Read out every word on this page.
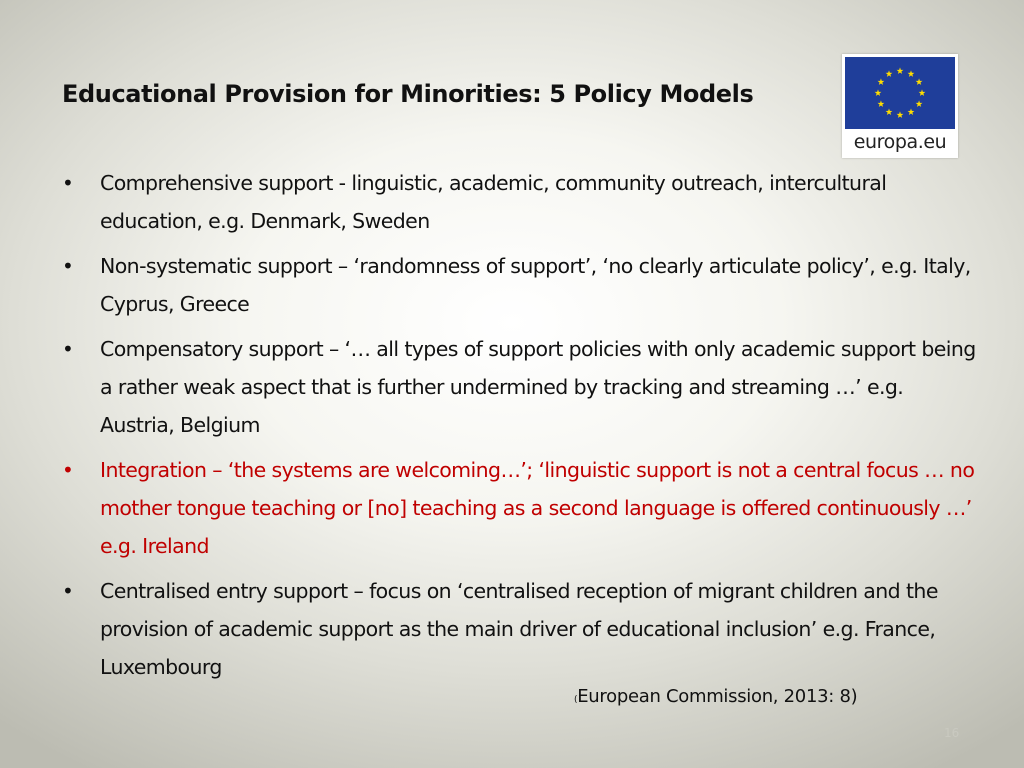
Educational Provision for Minorities: 5 Policy Models
europa.eu
• Comprehensive support - linguistic, academic, community outreach, intercultural education, e.g. Denmark, Sweden
• Non-systematic support – ‘randomness of support’, ‘no clearly articulate policy’, e.g. Italy, Cyprus, Greece
• Compensatory support – ‘… all types of support policies with only academic support being a rather weak aspect that is further undermined by tracking and streaming …’ e.g. Austria, Belgium
• Integration – ‘the systems are welcoming…’; ‘linguistic support is not a central focus … no mother tongue teaching or [no] teaching as a second language is offered continuously …’ e.g. Ireland
• Centralised entry support – focus on ‘centralised reception of migrant children and the provision of academic support as the main driver of educational inclusion’ e.g. France, Luxembourg
(European Commission, 2013: 8)
16
